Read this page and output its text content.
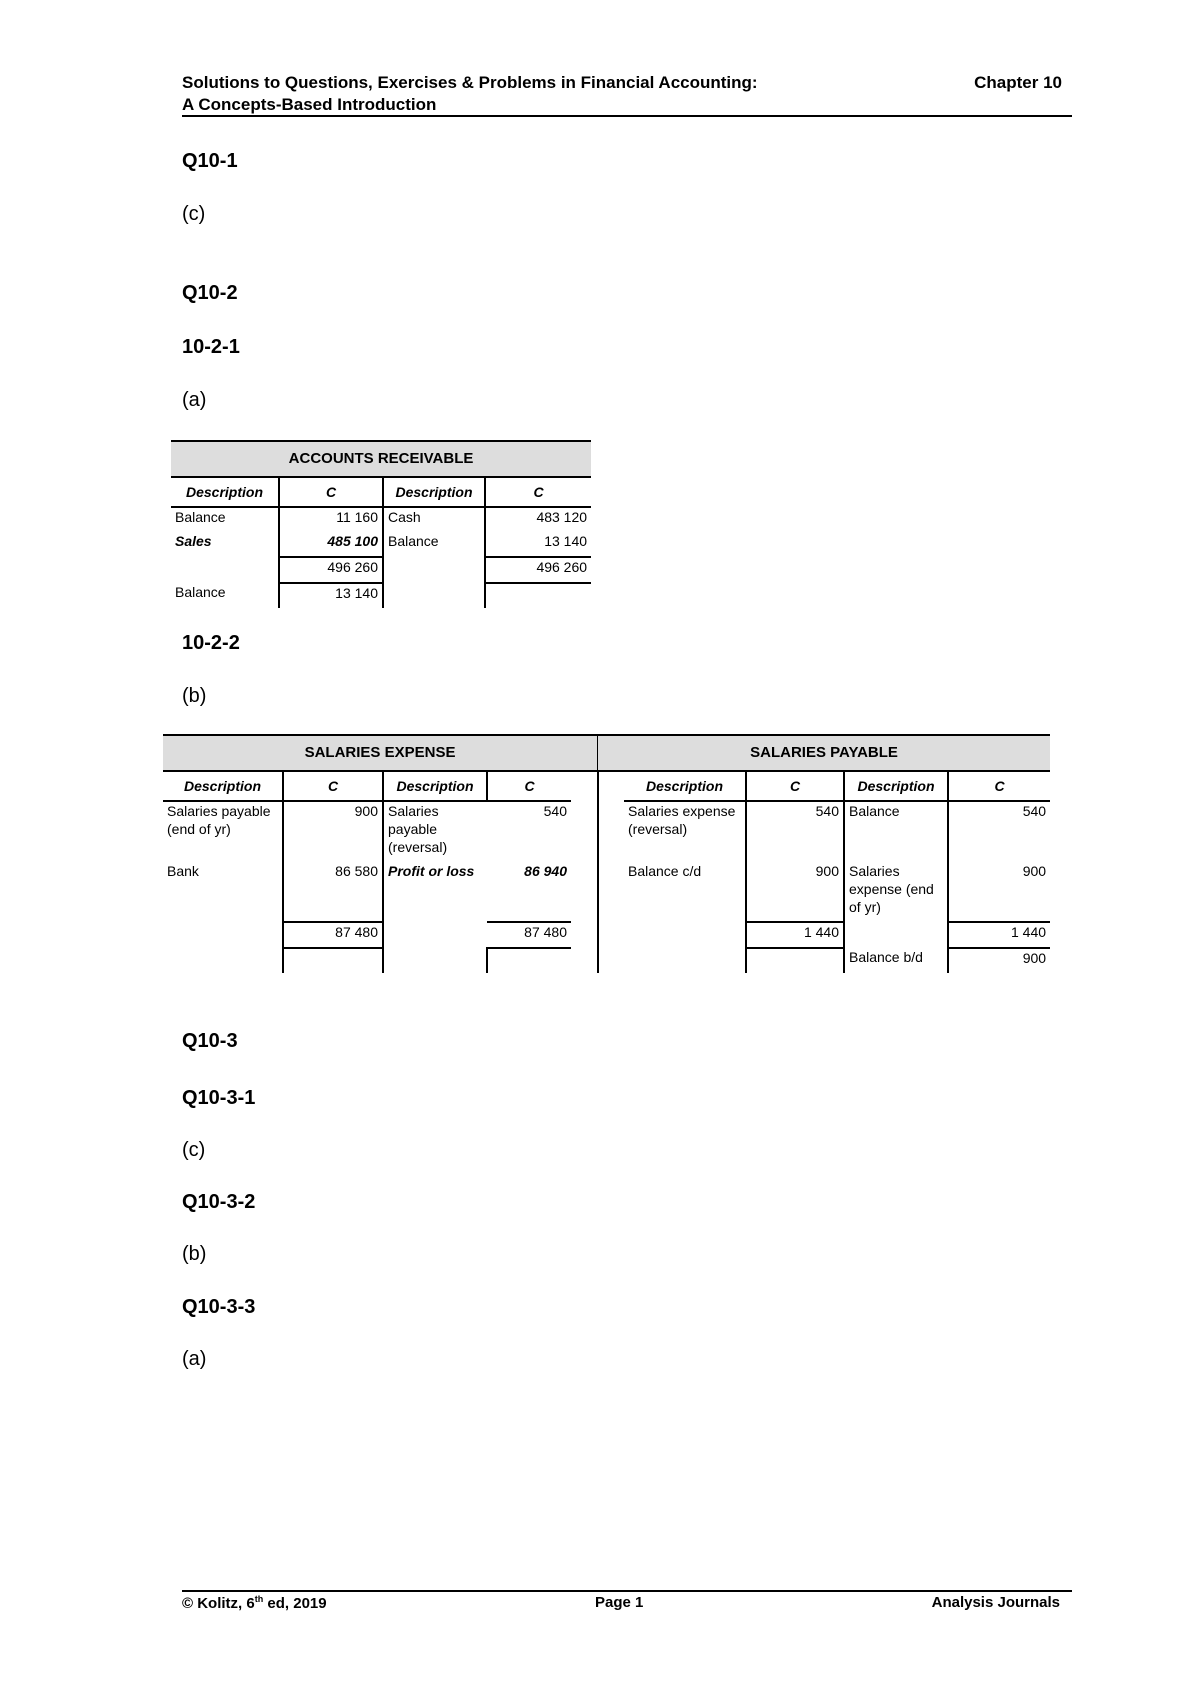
Solutions to Questions, Exercises & Problems in Financial Accounting:
A Concepts-Based Introduction
Chapter 10
Q10-1
(c)
Q10-2
10-2-1
(a)
ACCOUNTS RECEIVABLE			
Description	C	Description	C
Balance	11 160	Cash	483 120
Sales	485 100	Balance	13 140
	496 260		496 260
Balance	13 140		
10-2-2
(b)
SALARIES EXPENSE				
Description	C	Description	C	
Salaries payable (end of yr)	900	Salaries payable (reversal)	540	
Bank	86 580	Profit or loss	86 940	
	87 480		87 480	

SALARIES PAYABLE				
	Description	C	Description	C
	Salaries expense (reversal)	540	Balance	540
	Balance c/d	900	Salaries expense (end of yr)	900
		1 440		1 440
			Balance b/d	900
Q10-3
Q10-3-1
(c)
Q10-3-2
(b)
Q10-3-3
(a)
© Kolitz, 6th ed, 2019	Page 1	Analysis Journals
